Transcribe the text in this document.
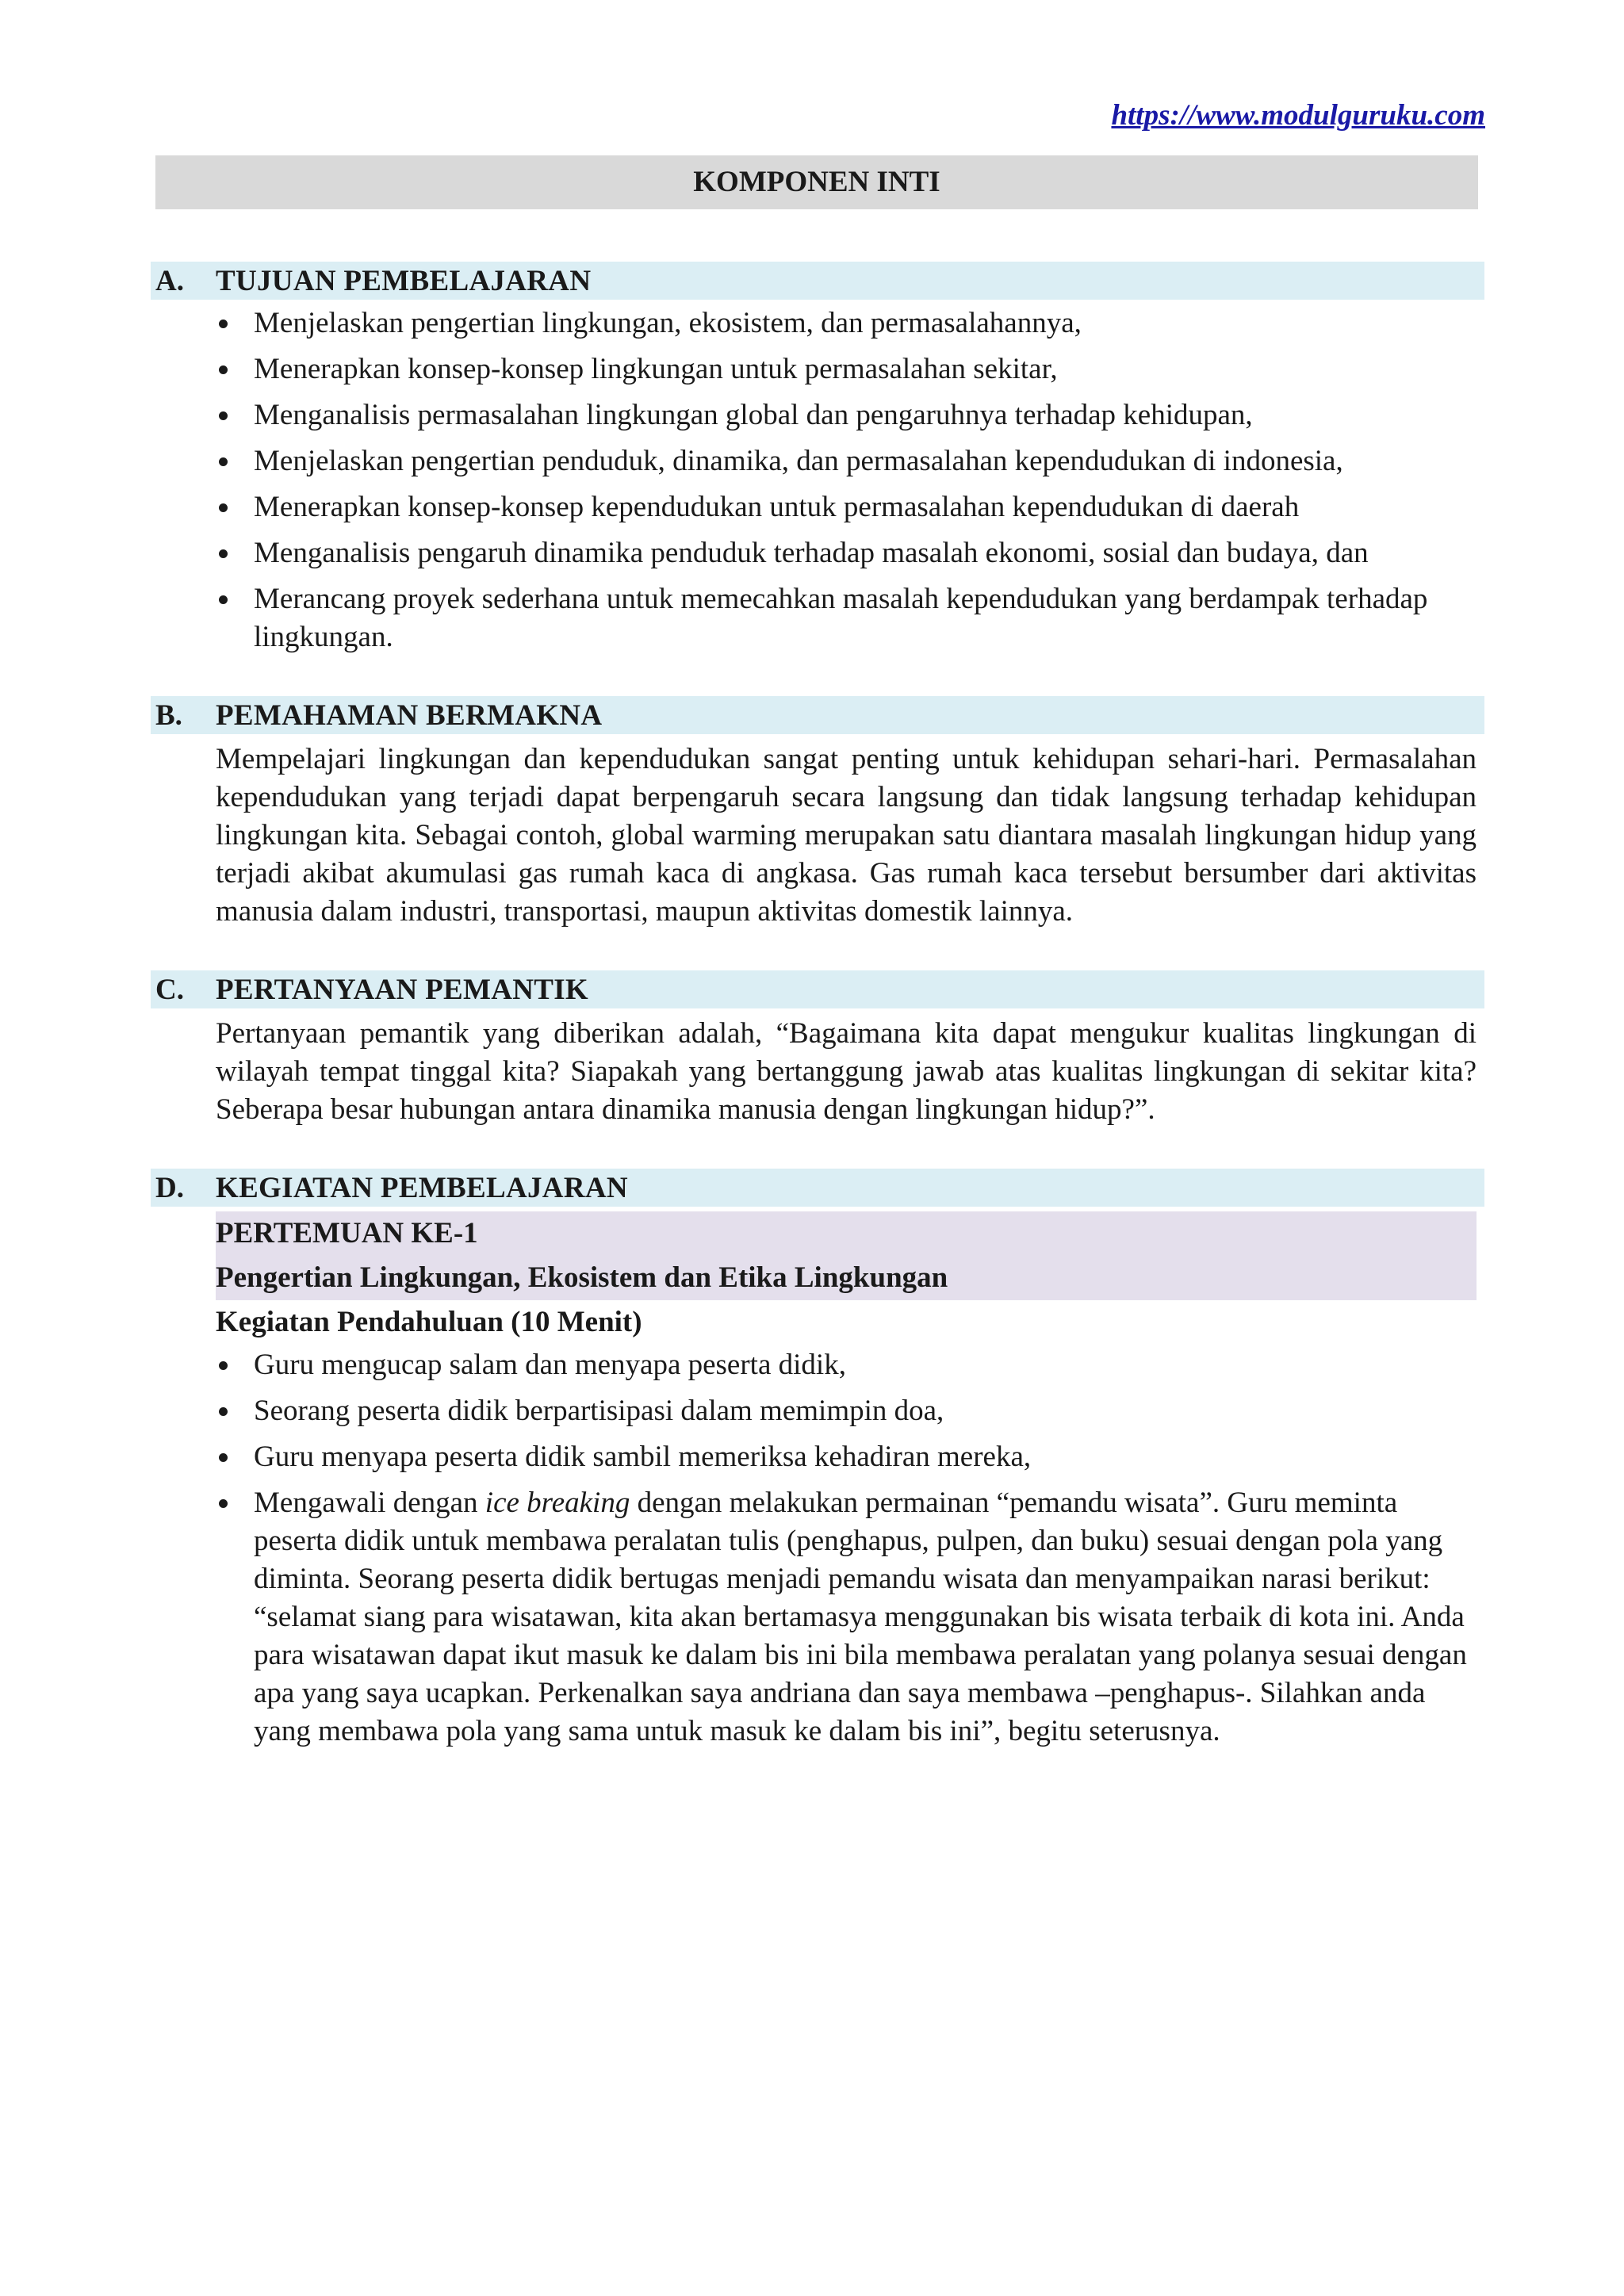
https://www.modulguruku.com
KOMPONEN INTI
A. TUJUAN PEMBELAJARAN
Menjelaskan pengertian lingkungan, ekosistem, dan permasalahannya,
Menerapkan konsep-konsep lingkungan untuk permasalahan sekitar,
Menganalisis permasalahan lingkungan global dan pengaruhnya terhadap kehidupan,
Menjelaskan pengertian penduduk, dinamika, dan permasalahan kependudukan di indonesia,
Menerapkan konsep-konsep kependudukan untuk permasalahan kependudukan di daerah
Menganalisis pengaruh dinamika penduduk terhadap masalah ekonomi, sosial dan budaya, dan
Merancang proyek sederhana untuk memecahkan masalah kependudukan yang berdampak terhadap lingkungan.
B. PEMAHAMAN BERMAKNA

Mempelajari lingkungan dan kependudukan sangat penting untuk kehidupan sehari-hari. Permasalahan kependudukan yang terjadi dapat berpengaruh secara langsung dan tidak langsung terhadap kehidupan lingkungan kita. Sebagai contoh, global warming merupakan satu diantara masalah lingkungan hidup yang terjadi akibat akumulasi gas rumah kaca di angkasa. Gas rumah kaca tersebut bersumber dari aktivitas manusia dalam industri, transportasi, maupun aktivitas domestik lainnya.

C. PERTANYAAN PEMANTIK

Pertanyaan pemantik yang diberikan adalah, “Bagaimana kita dapat mengukur kualitas lingkungan di wilayah tempat tinggal kita? Siapakah yang bertanggung jawab atas kualitas lingkungan di sekitar kita? Seberapa besar hubungan antara dinamika manusia dengan lingkungan hidup?”.

D. KEGIATAN PEMBELAJARAN

PERTEMUAN KE-1

Pengertian Lingkungan, Ekosistem dan Etika Lingkungan

Kegiatan Pendahuluan (10 Menit)

Guru mengucap salam dan menyapa peserta didik,
Seorang peserta didik berpartisipasi dalam memimpin doa,
Guru menyapa peserta didik sambil memeriksa kehadiran mereka,
Mengawali dengan ice breaking dengan melakukan permainan “pemandu wisata”. Guru meminta peserta didik untuk membawa peralatan tulis (penghapus, pulpen, dan buku) sesuai dengan pola yang diminta. Seorang peserta didik bertugas menjadi pemandu wisata dan menyampaikan narasi berikut: “selamat siang para wisatawan, kita akan bertamasya menggunakan bis wisata terbaik di kota ini. Anda para wisatawan dapat ikut masuk ke dalam bis ini bila membawa peralatan yang polanya sesuai dengan apa yang saya ucapkan. Perkenalkan saya andriana dan saya membawa –penghapus-. Silahkan anda yang membawa pola yang sama untuk masuk ke dalam bis ini”, begitu seterusnya.
